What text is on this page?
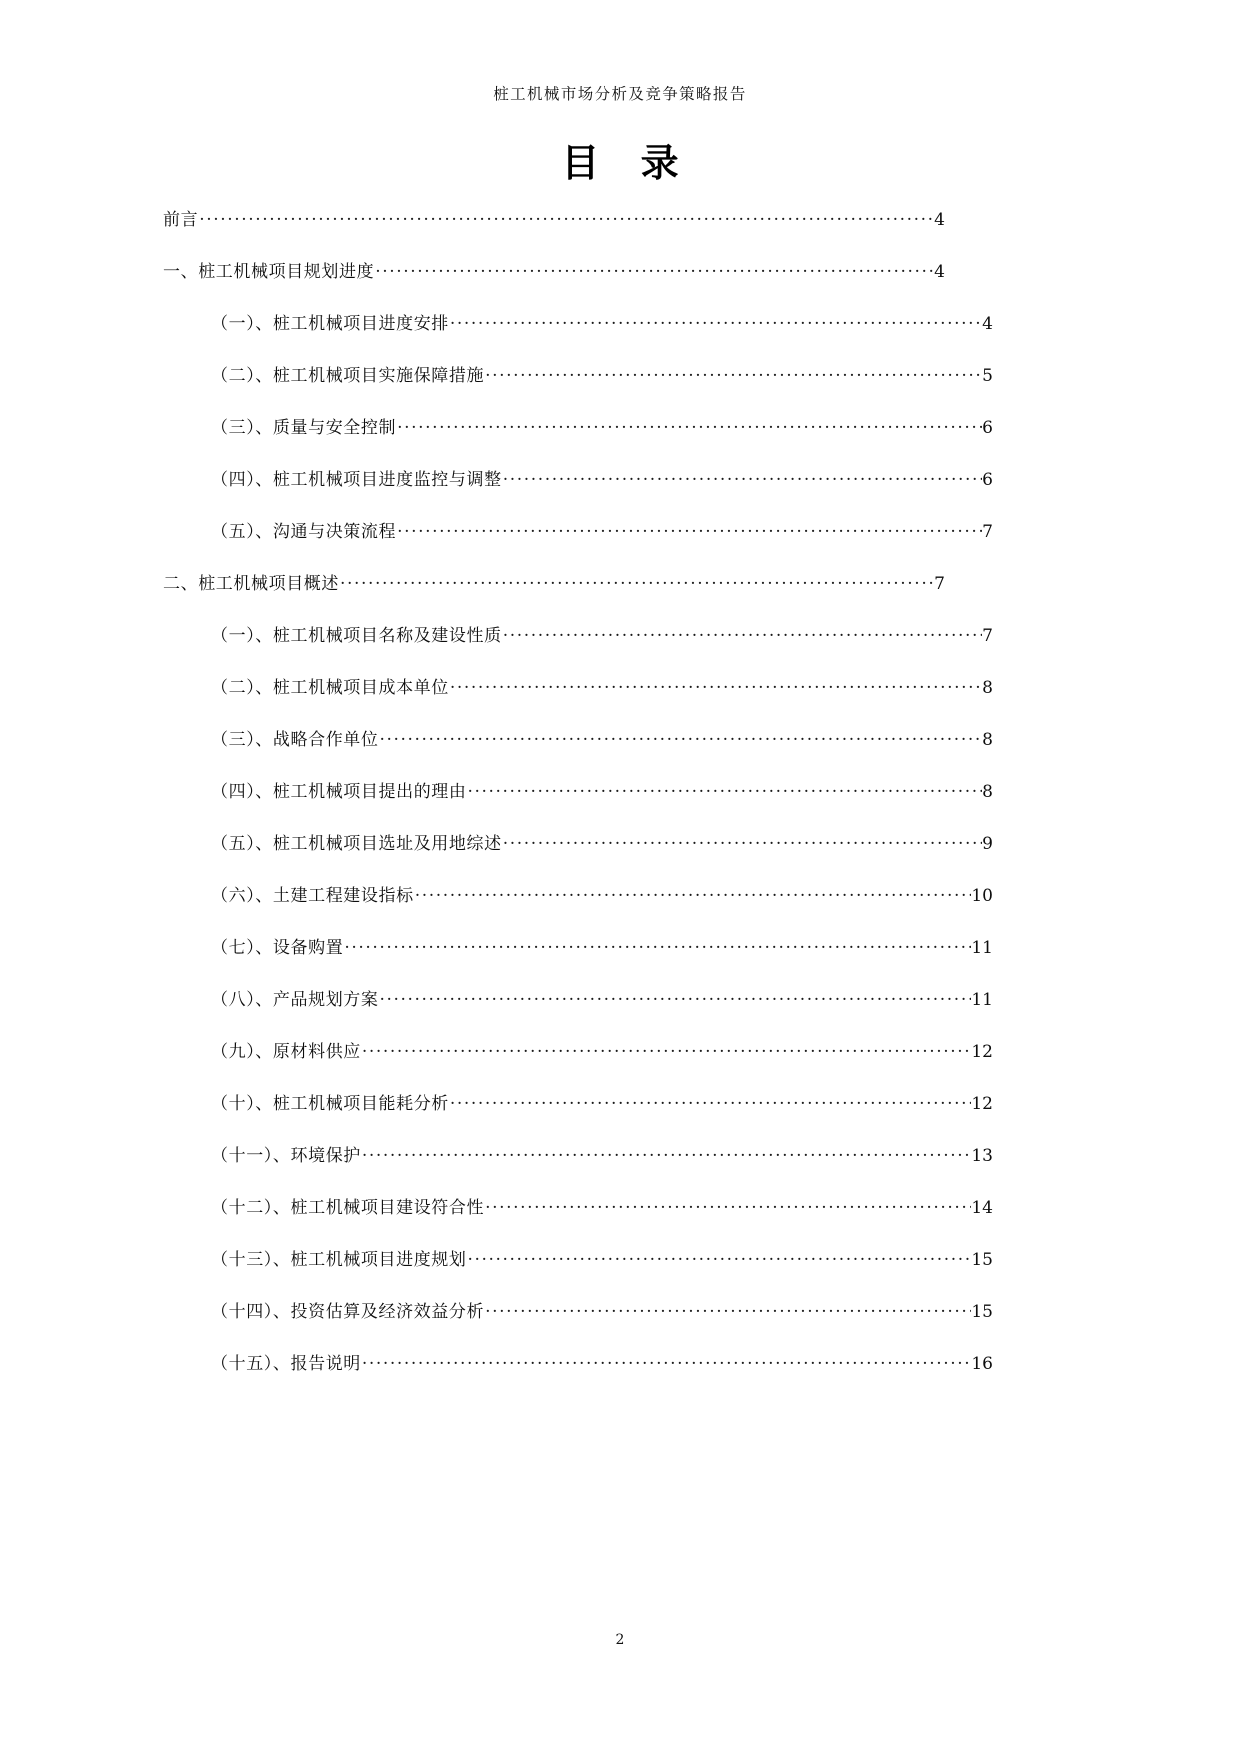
桩工机械市场分析及竞争策略报告
目 录
前言 .....	4
一、桩工机械项目规划进度 .....	4
（一）、桩工机械项目进度安排 .....	4
（二）、桩工机械项目实施保障措施 .....	5
（三）、质量与安全控制 .....	6
（四）、桩工机械项目进度监控与调整 .....	6
（五）、沟通与决策流程 .....	7
二、桩工机械项目概述 .....	7
（一）、桩工机械项目名称及建设性质 .....	7
（二）、桩工机械项目成本单位 .....	8
（三）、战略合作单位 .....	8
（四）、桩工机械项目提出的理由 .....	8
（五）、桩工机械项目选址及用地综述 .....	9
（六）、土建工程建设指标 .....	10
（七）、设备购置 .....	11
（八）、产品规划方案 .....	11
（九）、原材料供应 .....	12
（十）、桩工机械项目能耗分析 .....	12
（十一）、环境保护 .....	13
（十二）、桩工机械项目建设符合性 .....	14
（十三）、桩工机械项目进度规划 .....	15
（十四）、投资估算及经济效益分析 .....	15
（十五）、报告说明 .....	16
2
